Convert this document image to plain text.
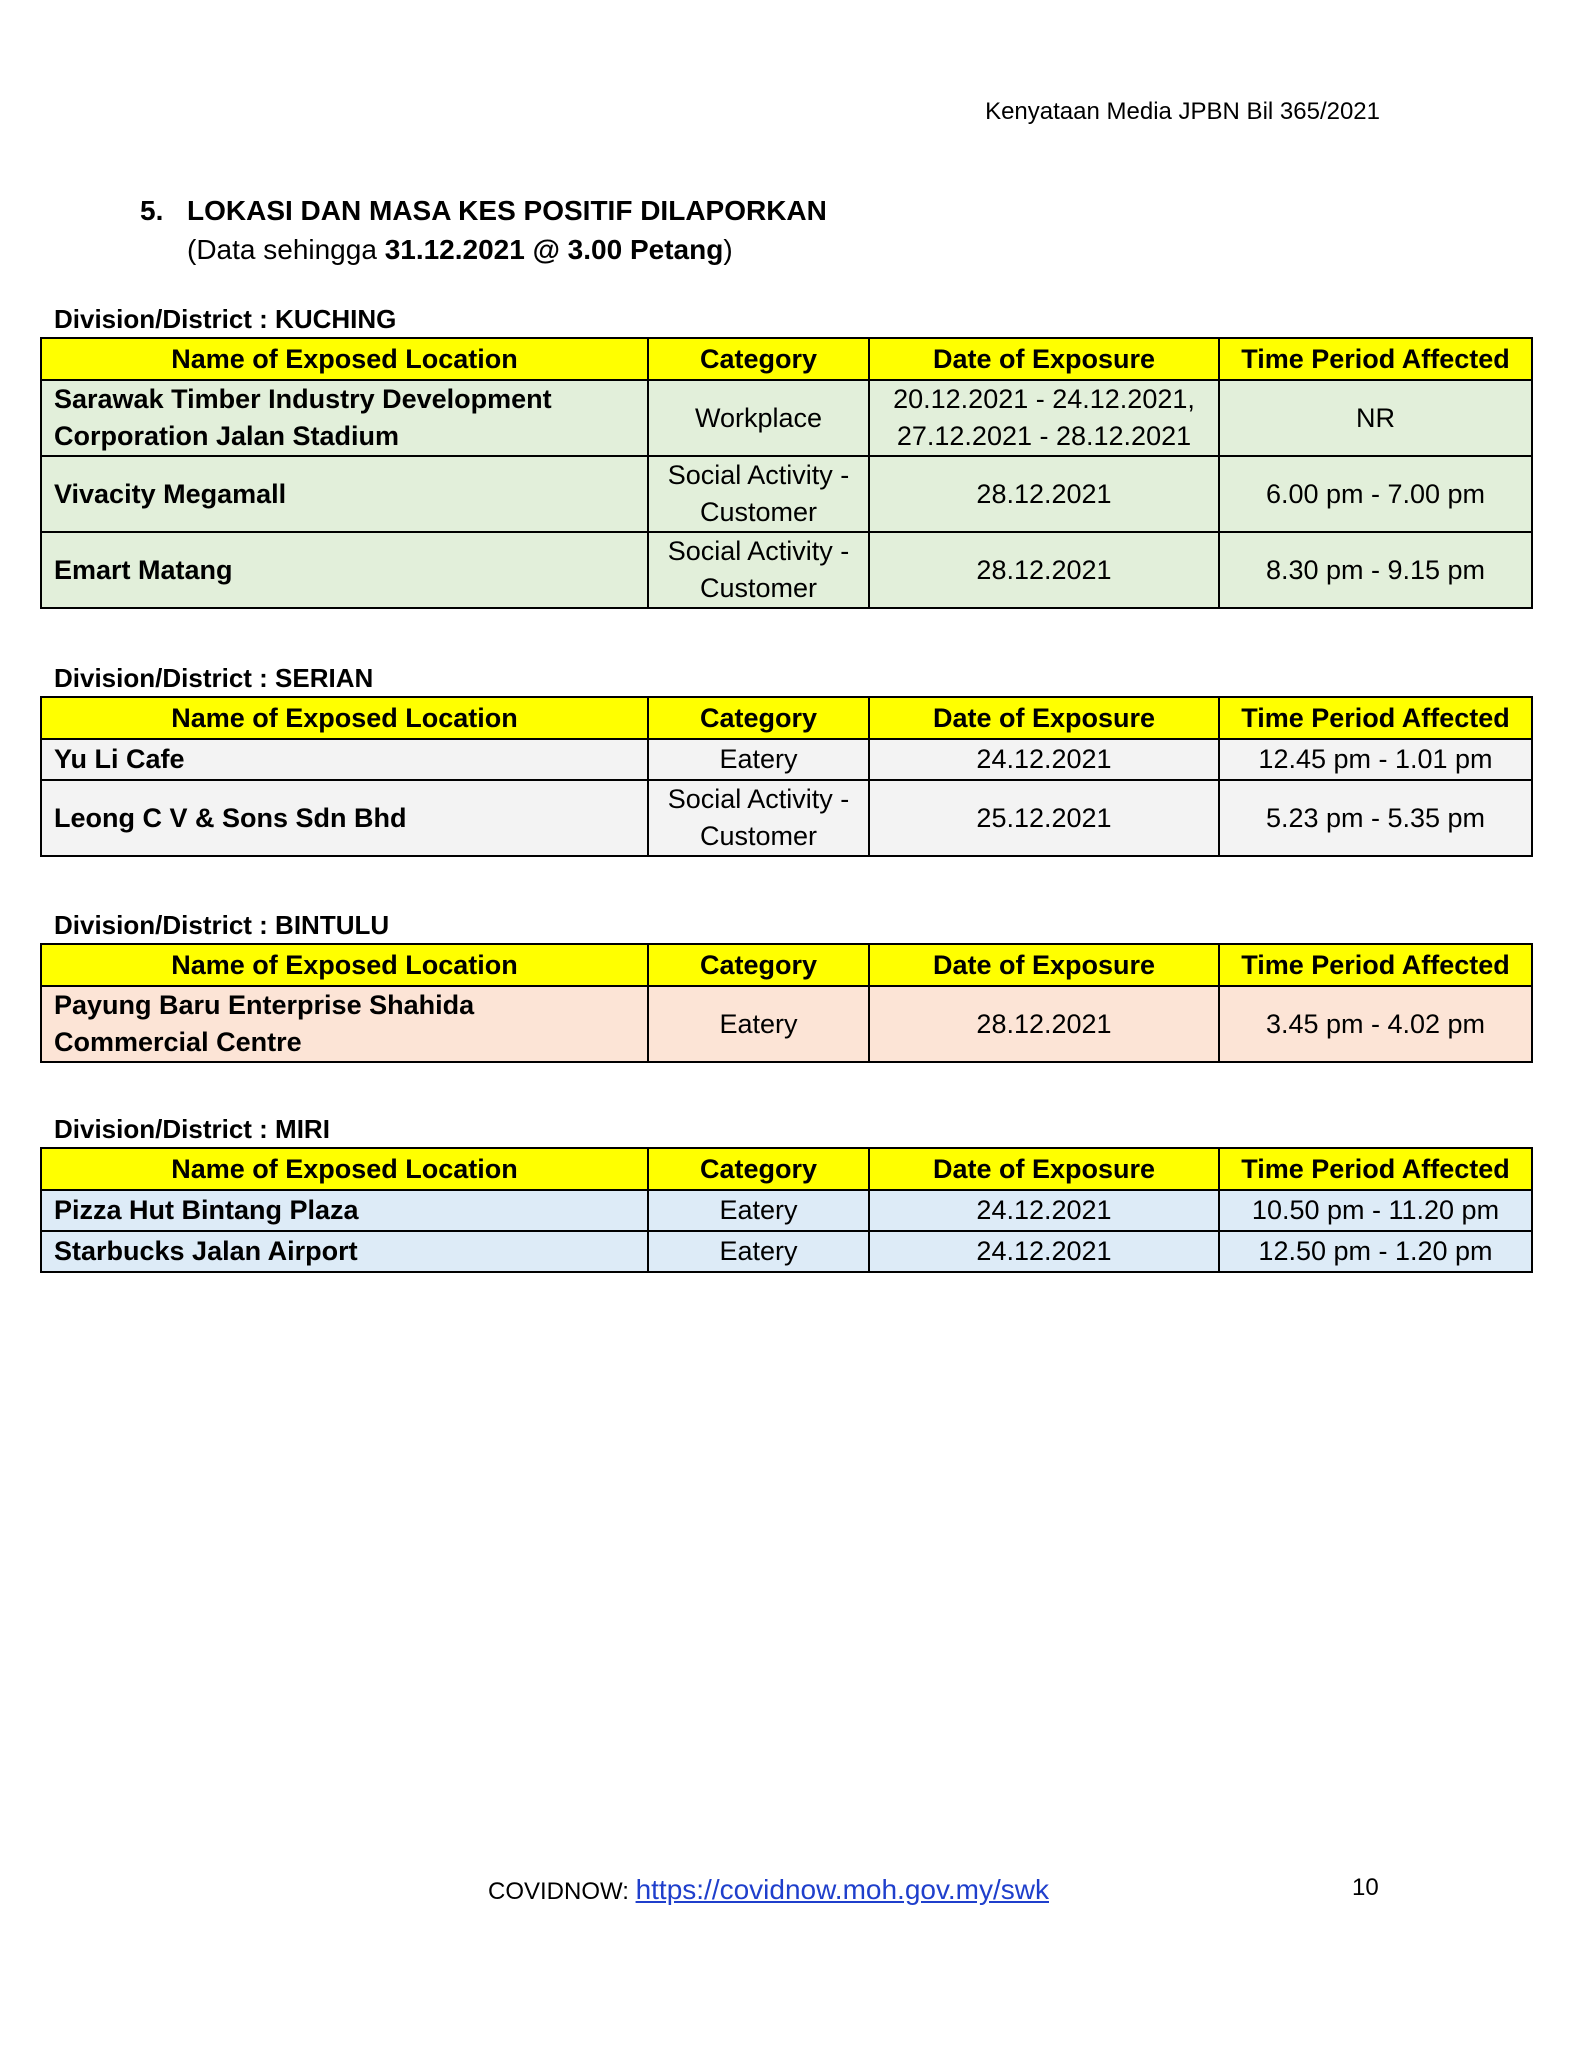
Kenyataan Media JPBN Bil 365/2021
5. LOKASI DAN MASA KES POSITIF DILAPORKAN
(Data sehingga 31.12.2021 @ 3.00 Petang)
Division/District : KUCHING
Name of Exposed Location	Category	Date of Exposure	Time Period Affected
Sarawak Timber Industry Development Corporation Jalan Stadium	Workplace	20.12.2021 - 24.12.2021, 27.12.2021 - 28.12.2021	NR
Vivacity Megamall	Social Activity - Customer	28.12.2021	6.00 pm - 7.00 pm
Emart Matang	Social Activity - Customer	28.12.2021	8.30 pm - 9.15 pm
Division/District : SERIAN
Name of Exposed Location	Category	Date of Exposure	Time Period Affected
Yu Li Cafe	Eatery	24.12.2021	12.45 pm - 1.01 pm
Leong C V & Sons Sdn Bhd	Social Activity - Customer	25.12.2021	5.23 pm - 5.35 pm
Division/District : BINTULU
Name of Exposed Location	Category	Date of Exposure	Time Period Affected
Payung Baru Enterprise Shahida Commercial Centre	Eatery	28.12.2021	3.45 pm - 4.02 pm
Division/District : MIRI
Name of Exposed Location	Category	Date of Exposure	Time Period Affected
Pizza Hut Bintang Plaza	Eatery	24.12.2021	10.50 pm - 11.20 pm
Starbucks Jalan Airport	Eatery	24.12.2021	12.50 pm - 1.20 pm
COVIDNOW: https://covidnow.moh.gov.my/swk	10
